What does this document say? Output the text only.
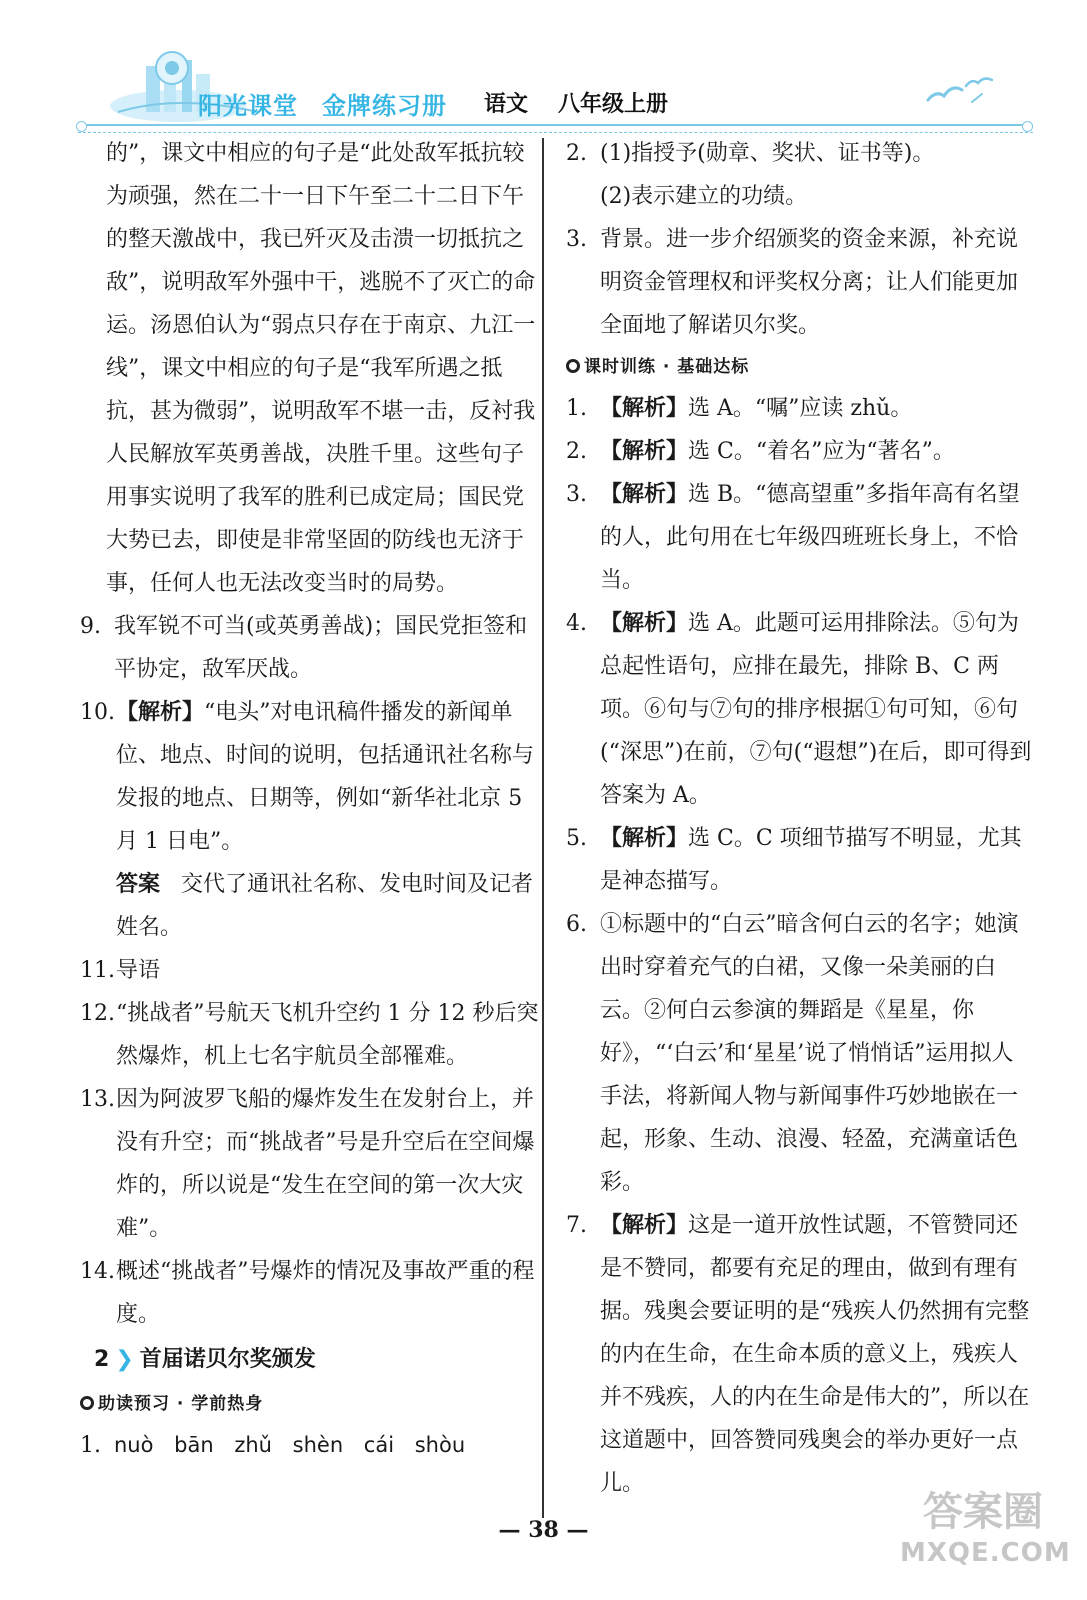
阳光课堂 金牌练习册 语文 八年级上册
的”，课文中相应的句子是“此处敌军抵抗较为顽强，然在二十一日下午至二十二日下午的整天激战中，我已歼灭及击溃一切抵抗之敌”，说明敌军外强中干，逃脱不了灭亡的命运。汤恩伯认为“弱点只存在于南京、九江一线”，课文中相应的句子是“我军所遇之抵抗，甚为微弱”，说明敌军不堪一击，反衬我人民解放军英勇善战，决胜千里。这些句子用事实说明了我军的胜利已成定局；国民党大势已去，即使是非常坚固的防线也无济于事，任何人也无法改变当时的局势。
9. 我军锐不可当(或英勇善战)；国民党拒签和平协定，敌军厌战。
10. 【解析】“电头”对电讯稿件播发的新闻单位、地点、时间的说明，包括通讯社名称与发报的地点、日期等，例如“新华社北京 5 月 1 日电”。
答案 交代了通讯社名称、发电时间及记者姓名。
11. 导语
12. “挑战者”号航天飞机升空约 1 分 12 秒后突然爆炸，机上七名宇航员全部罹难。
13. 因为阿波罗飞船的爆炸发生在发射台上，并没有升空；而“挑战者”号是升空后在空间爆炸的，所以说是“发生在空间的第一次大灾难”。
14. 概述“挑战者”号爆炸的情况及事故严重的程度。
2 ❯ 首届诺贝尔奖颁发
助读预习 · 学前热身
1. nuò bān zhǔ shèn cái shòu
2. (1)指授予(勋章、奖状、证书等)。
(2)表示建立的功绩。
3. 背景。进一步介绍颁奖的资金来源，补充说明资金管理权和评奖权分离；让人们能更加全面地了解诺贝尔奖。
课时训练 · 基础达标
1. 【解析】选 A。“嘱”应读 zhǔ。
2. 【解析】选 C。“着名”应为“著名”。
3. 【解析】选 B。“德高望重”多指年高有名望的人，此句用在七年级四班班长身上，不恰当。
4. 【解析】选 A。此题可运用排除法。⑤句为总起性语句，应排在最先，排除 B、C 两项。⑥句与⑦句的排序根据①句可知，⑥句(“深思”)在前，⑦句(“遐想”)在后，即可得到答案为 A。
5. 【解析】选 C。C 项细节描写不明显，尤其是神态描写。
6. ①标题中的“白云”暗含何白云的名字；她演出时穿着充气的白裙，又像一朵美丽的白云。②何白云参演的舞蹈是《星星，你好》，“‘白云’和‘星星’说了悄悄话”运用拟人手法，将新闻人物与新闻事件巧妙地嵌在一起，形象、生动、浪漫、轻盈，充满童话色彩。
7. 【解析】这是一道开放性试题，不管赞同还是不赞同，都要有充足的理由，做到有理有据。残奥会要证明的是“残疾人仍然拥有完整的内在生命，在生命本质的意义上，残疾人并不残疾，人的内在生命是伟大的”，所以在这道题中，回答赞同残奥会的举办更好一点儿。
— 38 —	答案圈
MXQE.COM
